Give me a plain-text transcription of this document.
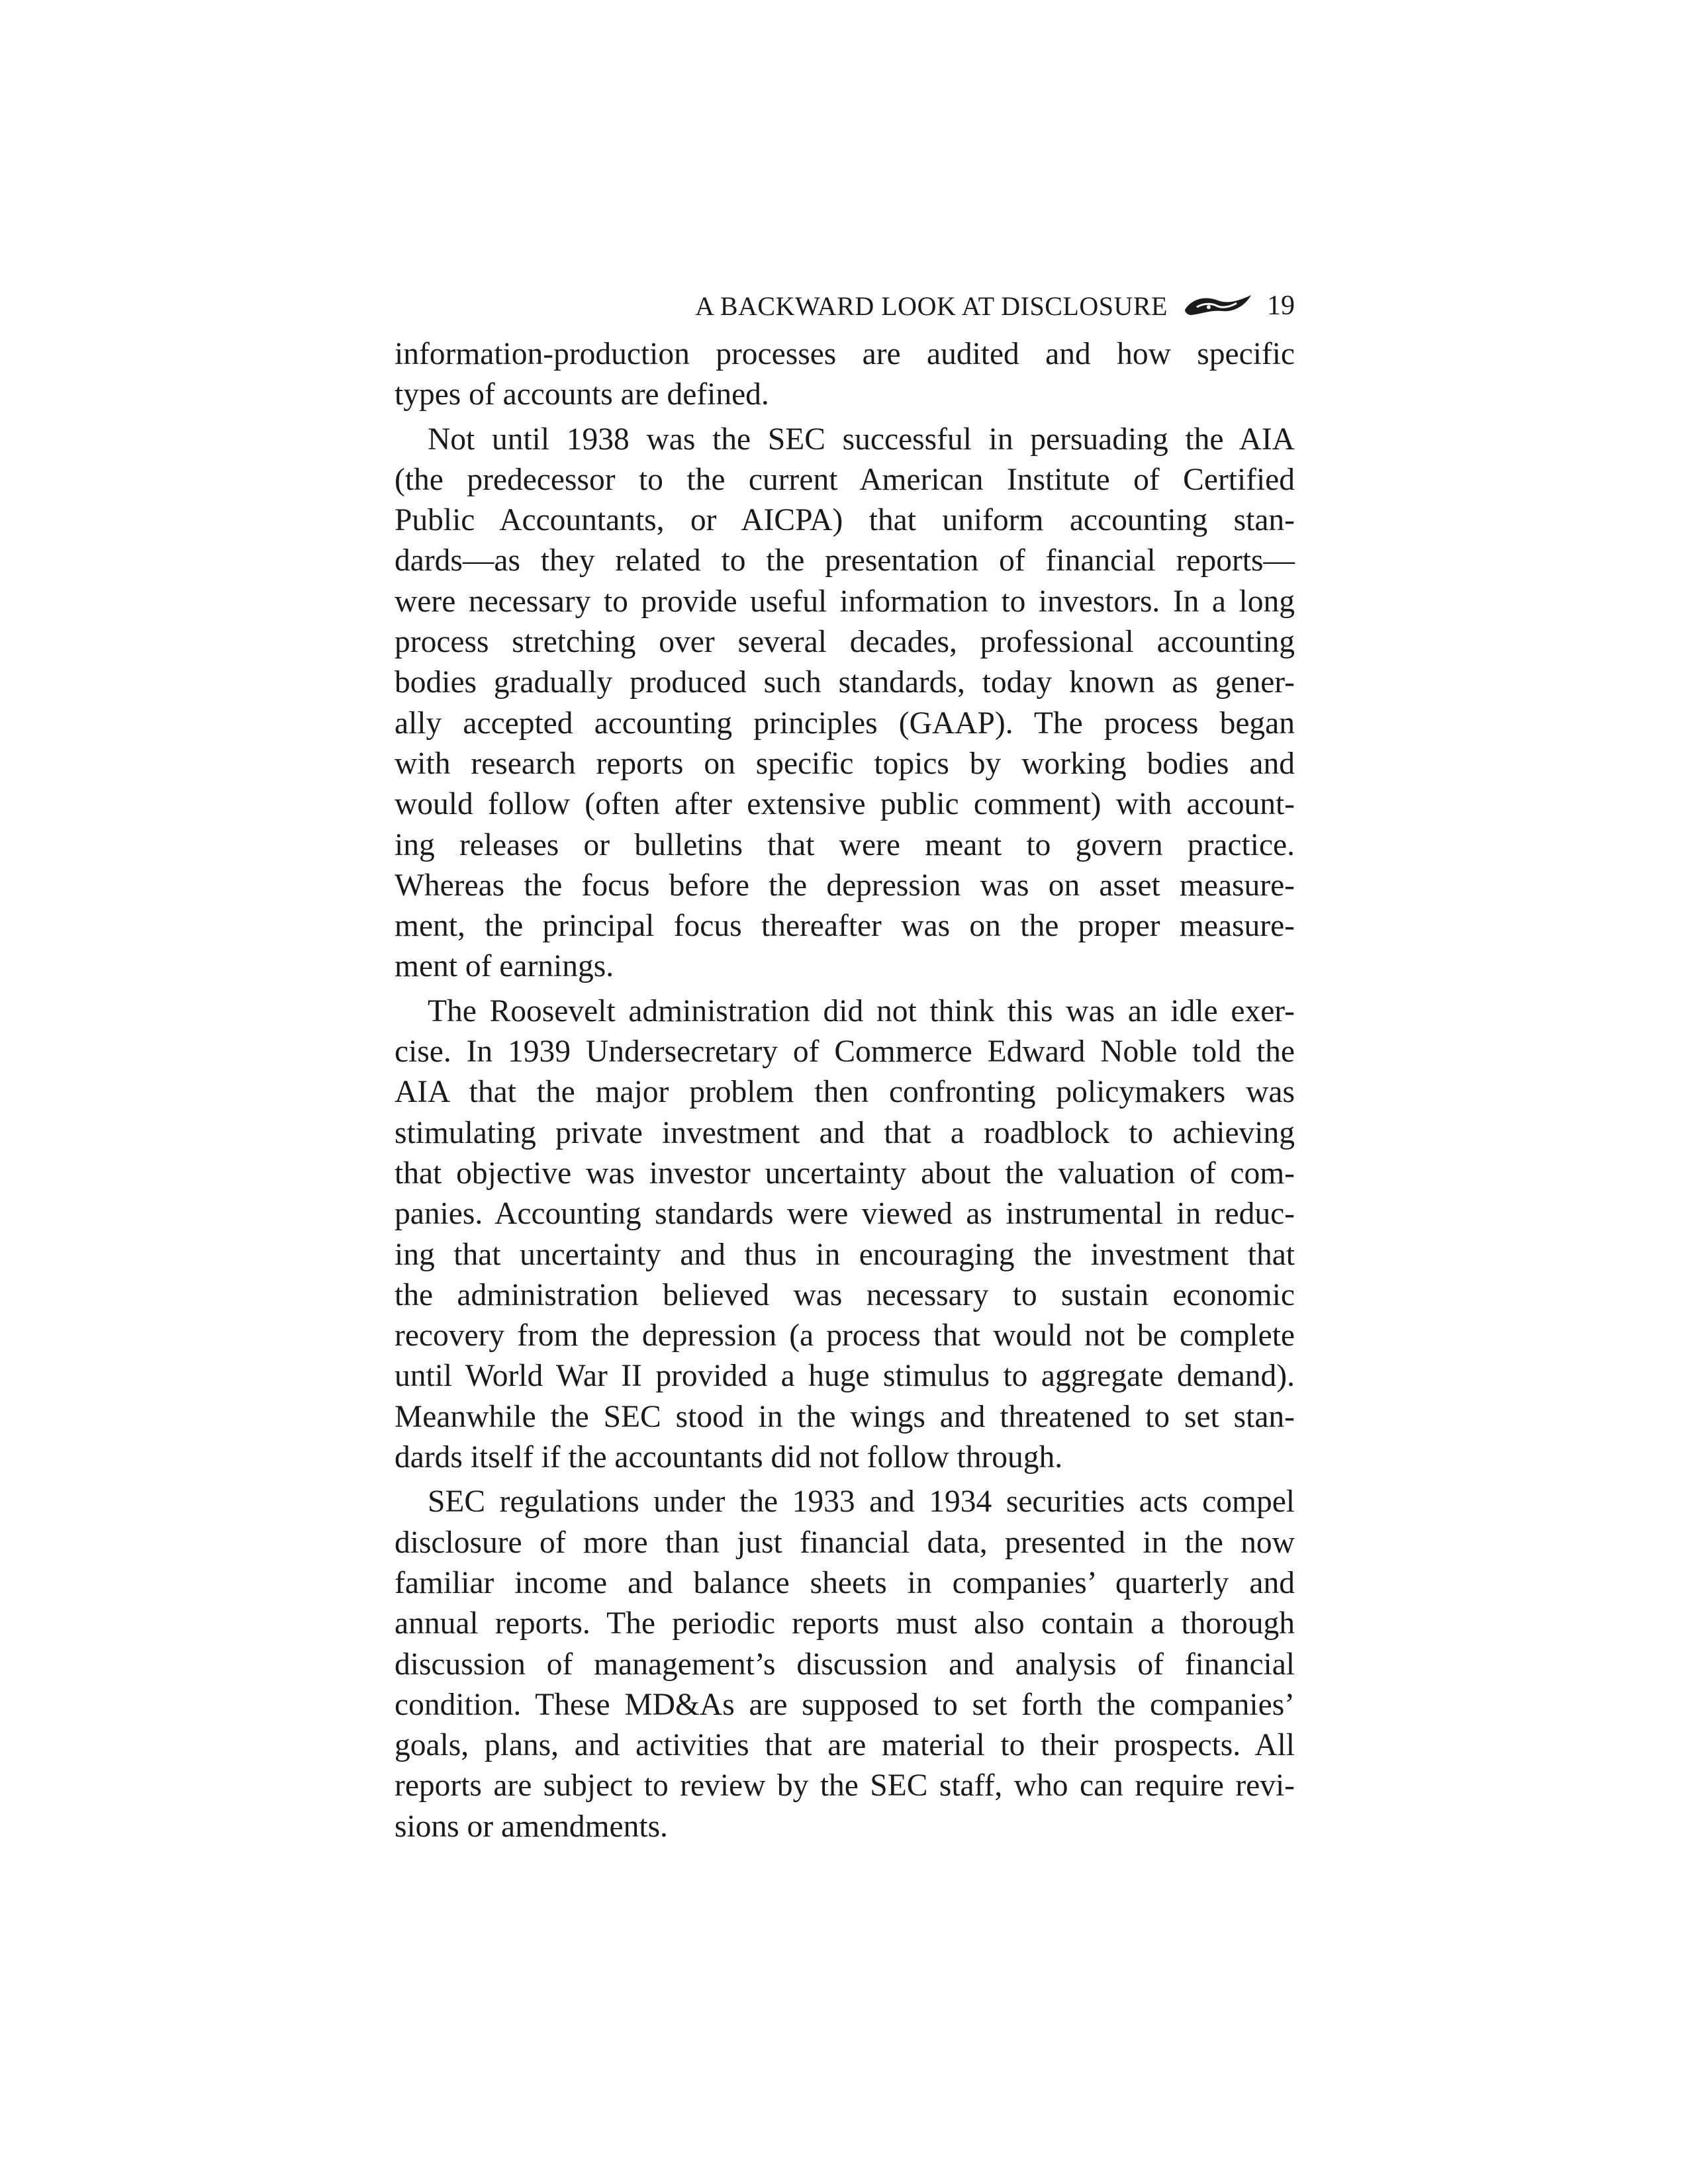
A BACKWARD LOOK AT DISCLOSURE	19

information-production processes are audited and how specific
types of accounts are defined.

Not until 1938 was the SEC successful in persuading the AIA
(the predecessor to the current American Institute of Certified
Public Accountants, or AICPA) that uniform accounting stan-
dards—as they related to the presentation of financial reports—
were necessary to provide useful information to investors. In a long
process stretching over several decades, professional accounting
bodies gradually produced such standards, today known as gener-
ally accepted accounting principles (GAAP). The process began
with research reports on specific topics by working bodies and
would follow (often after extensive public comment) with account-
ing releases or bulletins that were meant to govern practice.
Whereas the focus before the depression was on asset measure-
ment, the principal focus thereafter was on the proper measure-
ment of earnings.

The Roosevelt administration did not think this was an idle exer-
cise. In 1939 Undersecretary of Commerce Edward Noble told the
AIA that the major problem then confronting policymakers was
stimulating private investment and that a roadblock to achieving
that objective was investor uncertainty about the valuation of com-
panies. Accounting standards were viewed as instrumental in reduc-
ing that uncertainty and thus in encouraging the investment that
the administration believed was necessary to sustain economic
recovery from the depression (a process that would not be complete
until World War II provided a huge stimulus to aggregate demand).
Meanwhile the SEC stood in the wings and threatened to set stan-
dards itself if the accountants did not follow through.

SEC regulations under the 1933 and 1934 securities acts compel
disclosure of more than just financial data, presented in the now
familiar income and balance sheets in companies’ quarterly and
annual reports. The periodic reports must also contain a thorough
discussion of management’s discussion and analysis of financial
condition. These MD&As are supposed to set forth the companies’
goals, plans, and activities that are material to their prospects. All
reports are subject to review by the SEC staff, who can require revi-
sions or amendments.
